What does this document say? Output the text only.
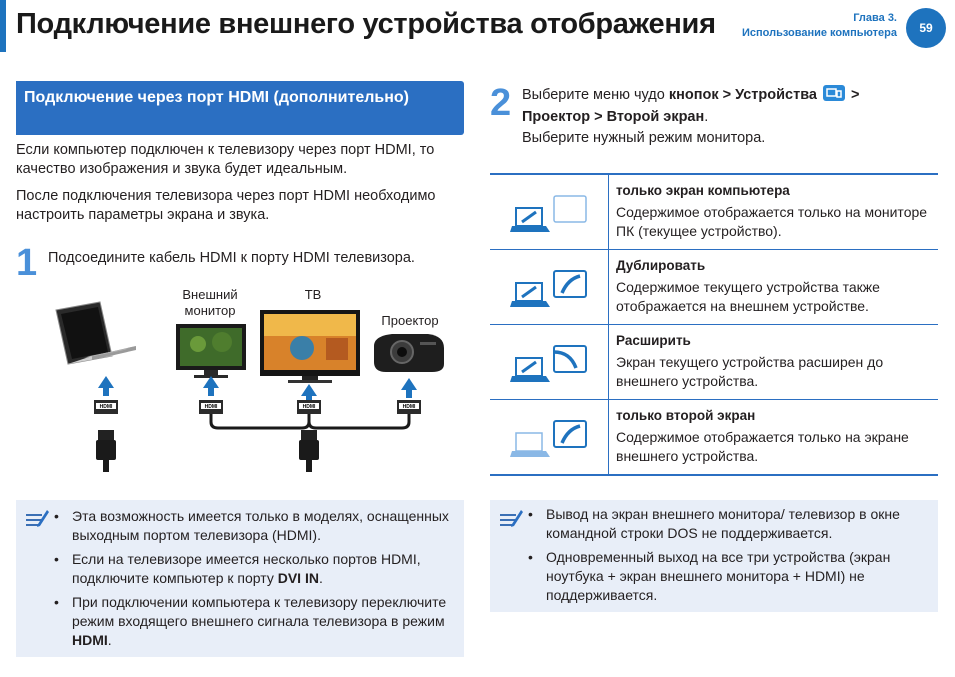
Подключение внешнего устройства отображения	Глава 3.
Использование компьютера	59
Подключение через порт HDMI (дополнительно)
Если компьютер подключен к телевизору через порт HDMI, то качество изображения и звука будет идеальным.
После подключения телевизора через порт HDMI необходимо настроить параметры экрана и звука.
1 Подсоедините кабель HDMI к порту HDMI телевизора.
Внешний монитор
ТВ
Проектор
HDMI	HDMI	HDMI	HDMI
• Эта возможность имеется только в моделях, оснащенных выходным портом телевизора (HDMI).
• Если на телевизоре имеется несколько портов HDMI, подключите компьютер к порту DVI IN.
• При подключении компьютера к телевизору переключите режим входящего внешнего сигнала телевизора в режим HDMI.
2 Выберите меню чудо кнопок > Устройства  >
Проектор > Второй экран.
Выберите нужный режим монитора.

только экран компьютера
Содержимое отображается только на мониторе ПК (текущее устройство).

Дублировать
Содержимое текущего устройства также отображается на внешнем устройстве.

Расширить
Экран текущего устройства расширен до внешнего устройства.

только второй экран
Содержимое отображается только на экране внешнего устройства.
• Вывод на экран внешнего монитора/ телевизор в окне командной строки DOS не поддерживается.
• Одновременный выход на все три устройства (экран ноутбука + экран внешнего монитора + HDMI) не поддерживается.
